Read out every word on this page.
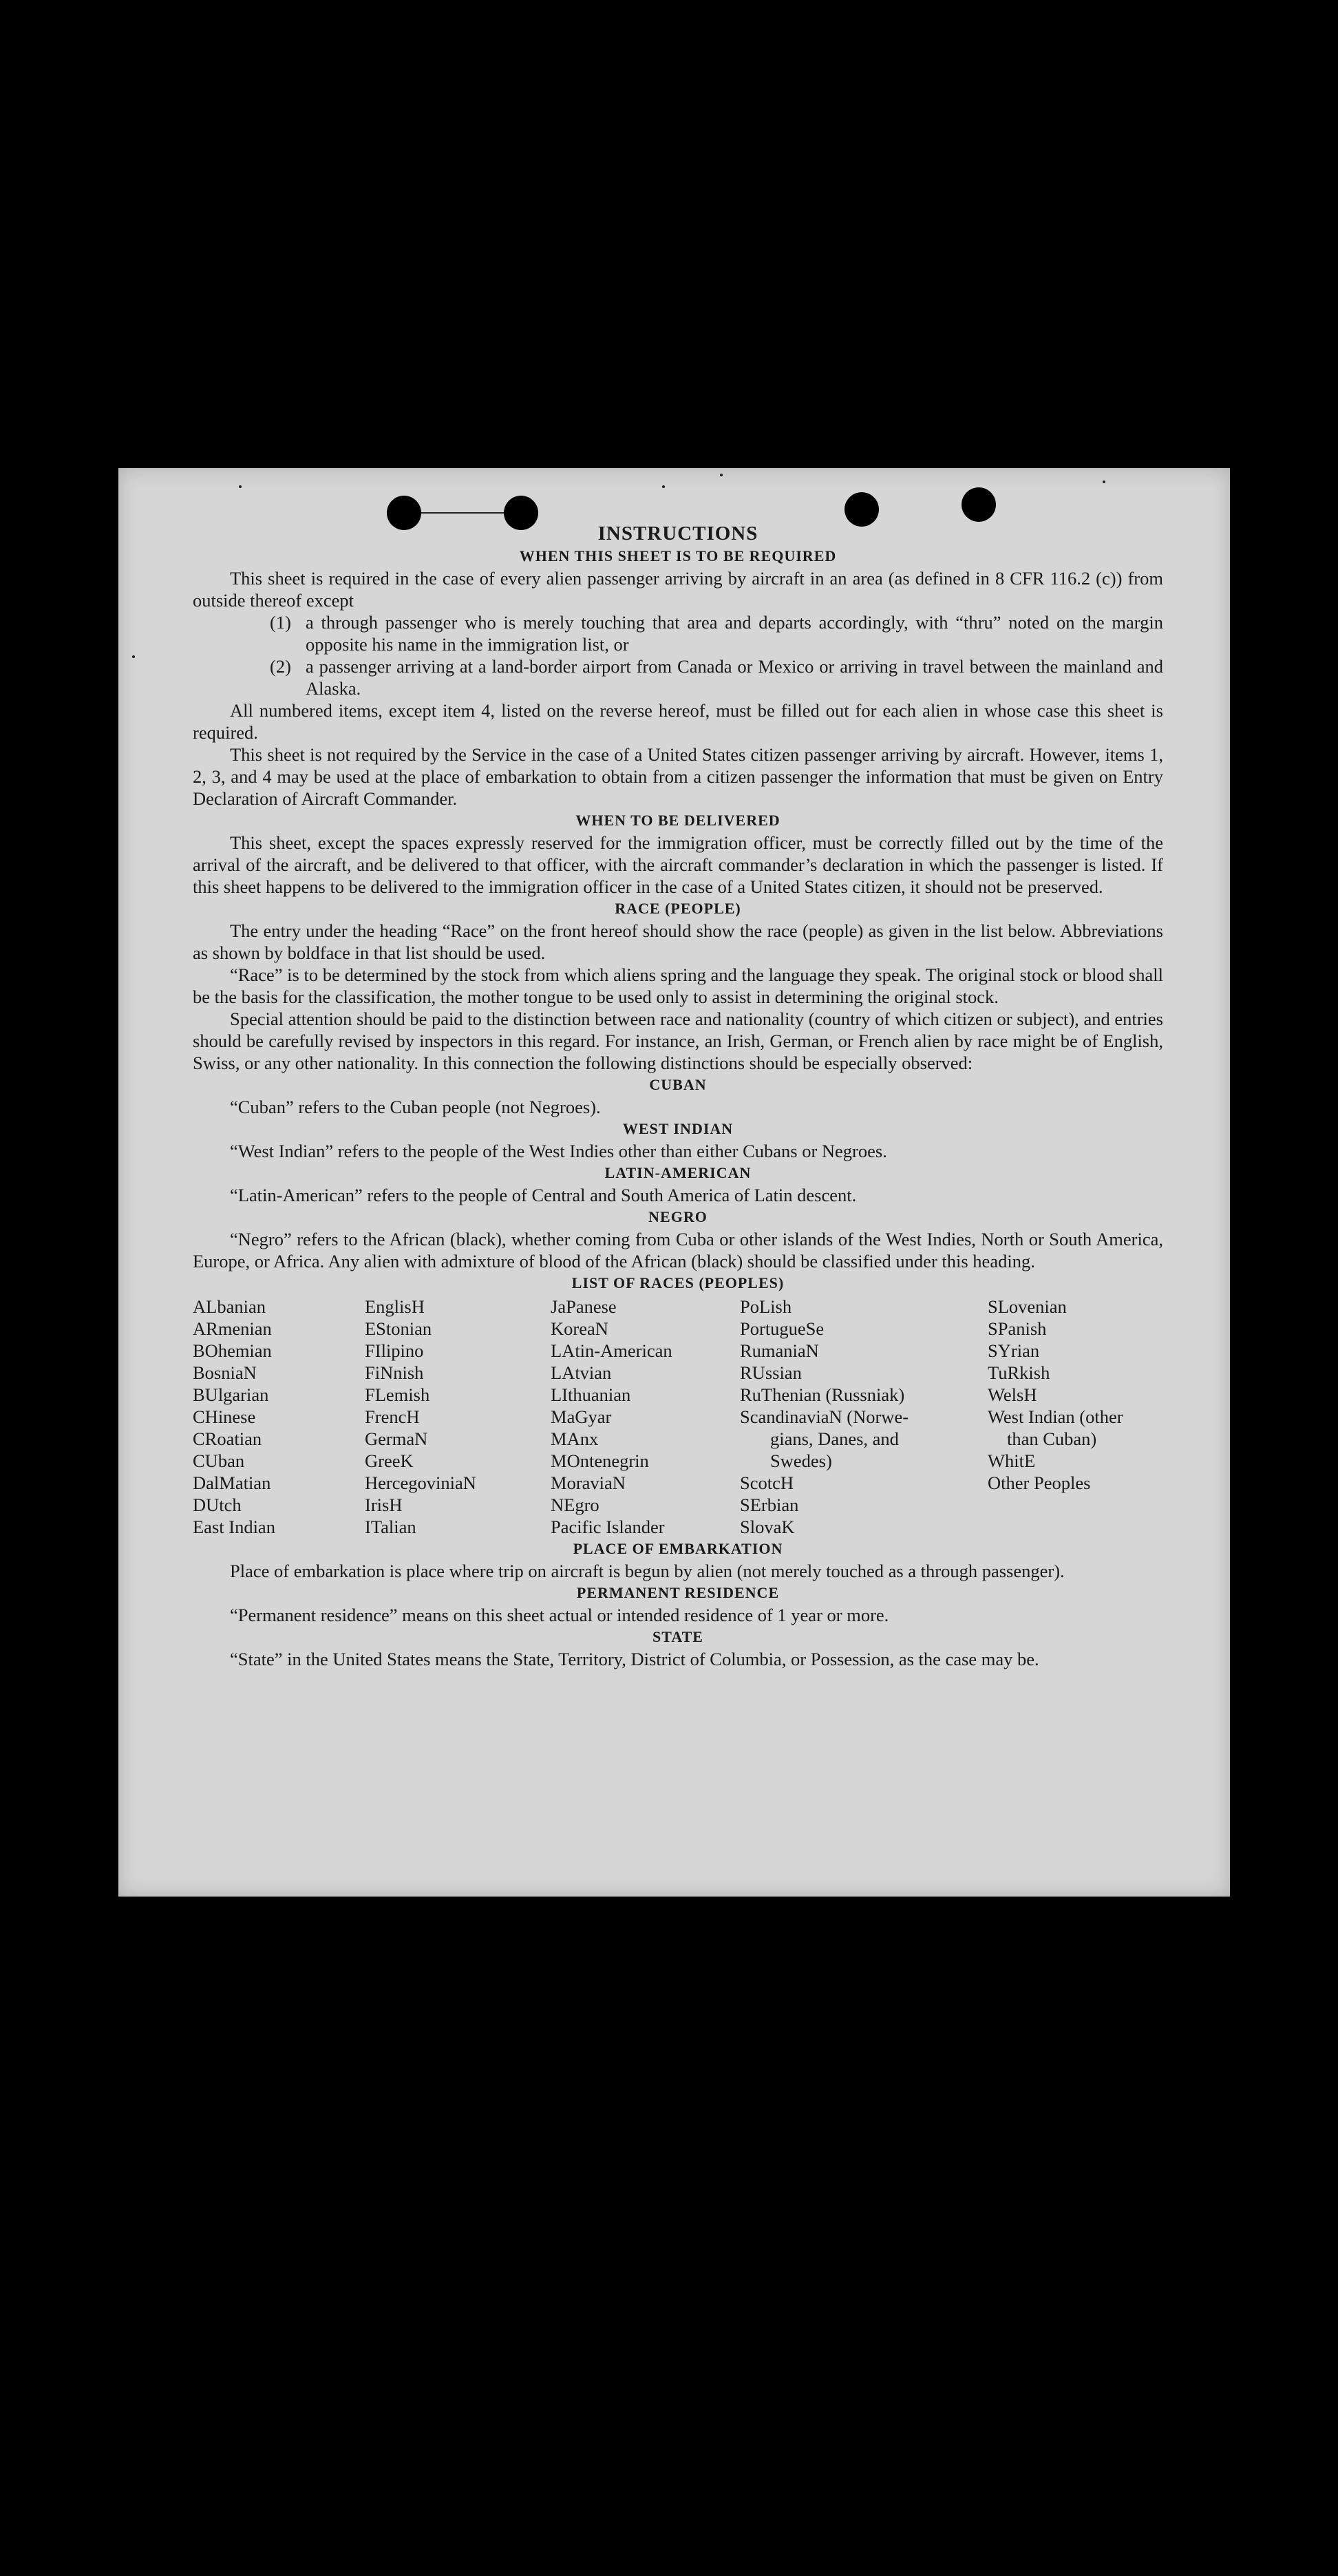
INSTRUCTIONS

WHEN THIS SHEET IS TO BE REQUIRED

This sheet is required in the case of every alien passenger arriving by aircraft in an area (as defined in 8 CFR 116.2 (c)) from outside thereof except

(1) a through passenger who is merely touching that area and departs accordingly, with “thru” noted on the margin opposite his name in the immigration list, or
(2) a passenger arriving at a land-border airport from Canada or Mexico or arriving in travel between the mainland and Alaska.

All numbered items, except item 4, listed on the reverse hereof, must be filled out for each alien in whose case this sheet is required.

This sheet is not required by the Service in the case of a United States citizen passenger arriving by aircraft. However, items 1, 2, 3, and 4 may be used at the place of embarkation to obtain from a citizen passenger the information that must be given on Entry Declaration of Aircraft Commander.

WHEN TO BE DELIVERED

This sheet, except the spaces expressly reserved for the immigration officer, must be correctly filled out by the time of the arrival of the aircraft, and be delivered to that officer, with the aircraft commander’s declaration in which the passenger is listed. If this sheet happens to be delivered to the immigration officer in the case of a United States citizen, it should not be preserved.

RACE (PEOPLE)

The entry under the heading “Race” on the front hereof should show the race (people) as given in the list below. Abbreviations as shown by boldface in that list should be used.

“Race” is to be determined by the stock from which aliens spring and the language they speak. The original stock or blood shall be the basis for the classification, the mother tongue to be used only to assist in determining the original stock.

Special attention should be paid to the distinction between race and nationality (country of which citizen or subject), and entries should be carefully revised by inspectors in this regard. For instance, an Irish, German, or French alien by race might be of English, Swiss, or any other nationality. In this connection the following distinctions should be especially observed:

CUBAN

“Cuban” refers to the Cuban people (not Negroes).

WEST INDIAN

“West Indian” refers to the people of the West Indies other than either Cubans or Negroes.

LATIN-AMERICAN

“Latin-American” refers to the people of Central and South America of Latin descent.

NEGRO

“Negro” refers to the African (black), whether coming from Cuba or other islands of the West Indies, North or South America, Europe, or Africa. Any alien with admixture of blood of the African (black) should be classified under this heading.

LIST OF RACES (PEOPLES)

ALbanian
ARmenian
BOhemian
BosniaN
BUlgarian
CHinese
CRoatian
CUban
DalMatian
DUtch
East Indian
EnglisH
EStonian
FIlipino
FiNnish
FLemish
FrencH
GermaN
GreeK
HercegoviniaN
IrisH
ITalian
JaPanese
KoreaN
LAtin-American
LAtvian
LIthuanian
MaGyar
MAnx
MOntenegrin
MoraviaN
NEgro
Pacific Islander
PoLish
PortugueSe
RumaniaN
RUssian
RuThenian (Russniak)
ScandinaviaN (Norwe-
gians, Danes, and
Swedes)
ScotcH
SErbian
SlovaK
SLovenian
SPanish
SYrian
TuRkish
WelsH
West Indian (other
than Cuban)
WhitE
Other Peoples

PLACE OF EMBARKATION

Place of embarkation is place where trip on aircraft is begun by alien (not merely touched as a through passenger).

PERMANENT RESIDENCE

“Permanent residence” means on this sheet actual or intended residence of 1 year or more.

STATE

“State” in the United States means the State, Territory, District of Columbia, or Possession, as the case may be.
